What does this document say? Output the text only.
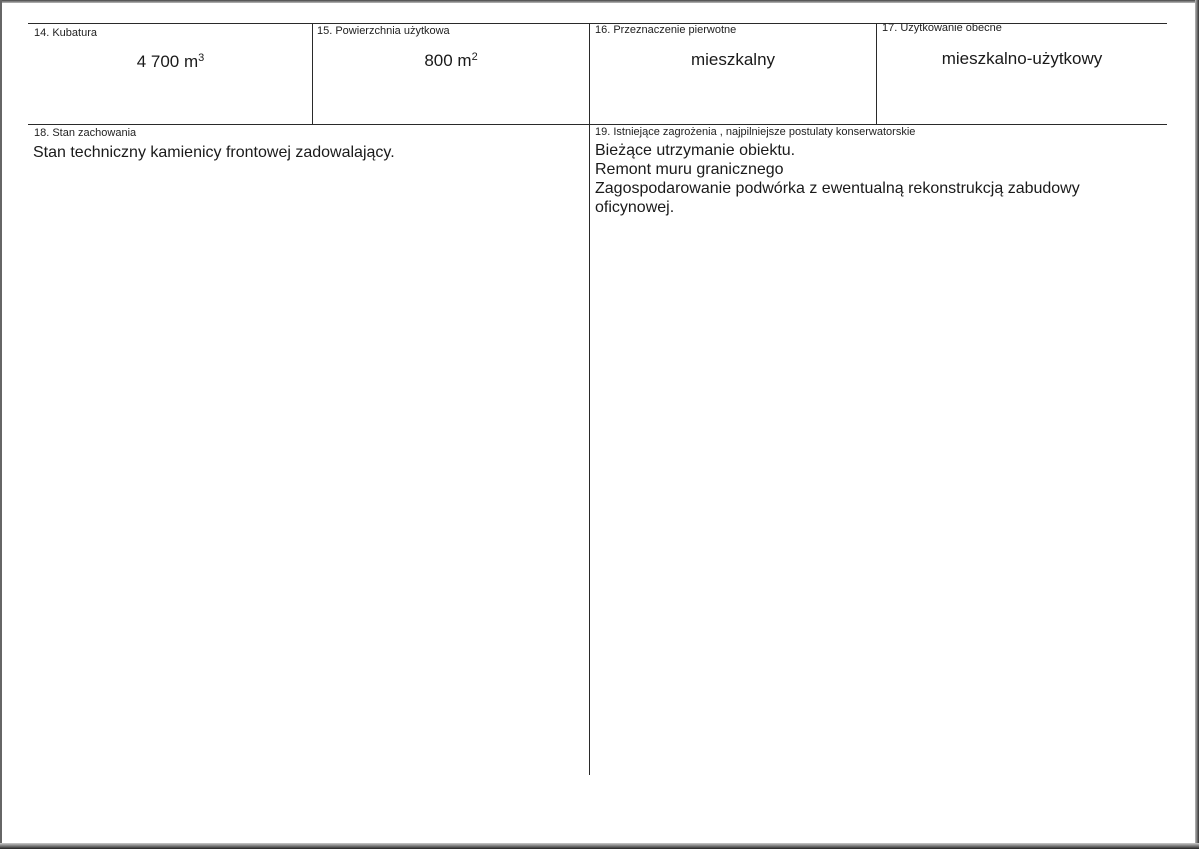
14. Kubatura
4 700 $m^3$
15. Powierzchnia użytkowa
800 $m^2$
16. Przeznaczenie pierwotne
mieszkalny
17. Użytkowanie obecne
mieszkalno-użytkowy
18. Stan zachowania
Stan techniczny kamienicy frontowej zadowalający.
19. Istniejące zagrożenia , najpilniejsze postulaty konserwatorskie

Bieżące utrzymanie obiektu.

Remont muru granicznego

Zagospodarowanie podwórka z ewentualną rekonstrukcją zabudowy oficynowej.
